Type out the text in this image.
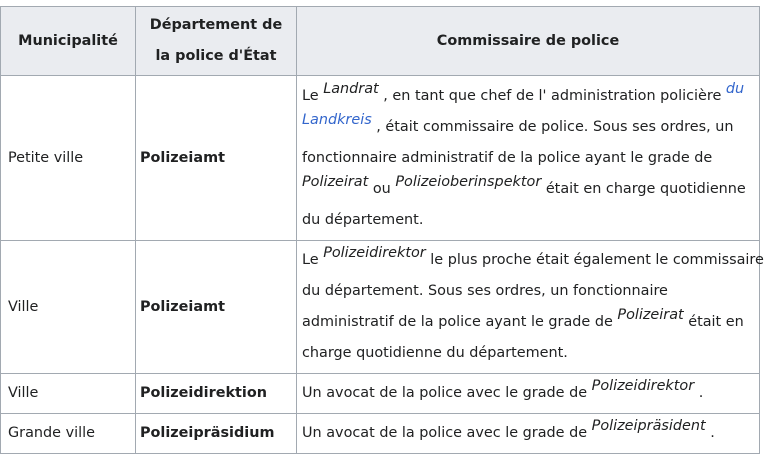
Municipalité	Département de la police d'État	Commissaire de police
Petite ville	Polizeiamt	Le Landrat , en tant que chef de l' administration policière du
Landkreis , était commissaire de police. Sous ses ordres, un
fonctionnaire administratif de la police ayant le grade de
Polizeirat ou Polizeioberinspektor était en charge quotidienne
du département.

Ville	Polizeiamt	Le Polizeidirektor le plus proche était également le commissaire
du département. Sous ses ordres, un fonctionnaire
administratif de la police ayant le grade de Polizeirat était en
charge quotidienne du département.

Ville	Polizeidirektion	Un avocat de la police avec le grade de Polizeidirektor .
Grande ville	Polizeipräsidium	Un avocat de la police avec le grade de Polizeipräsident .
